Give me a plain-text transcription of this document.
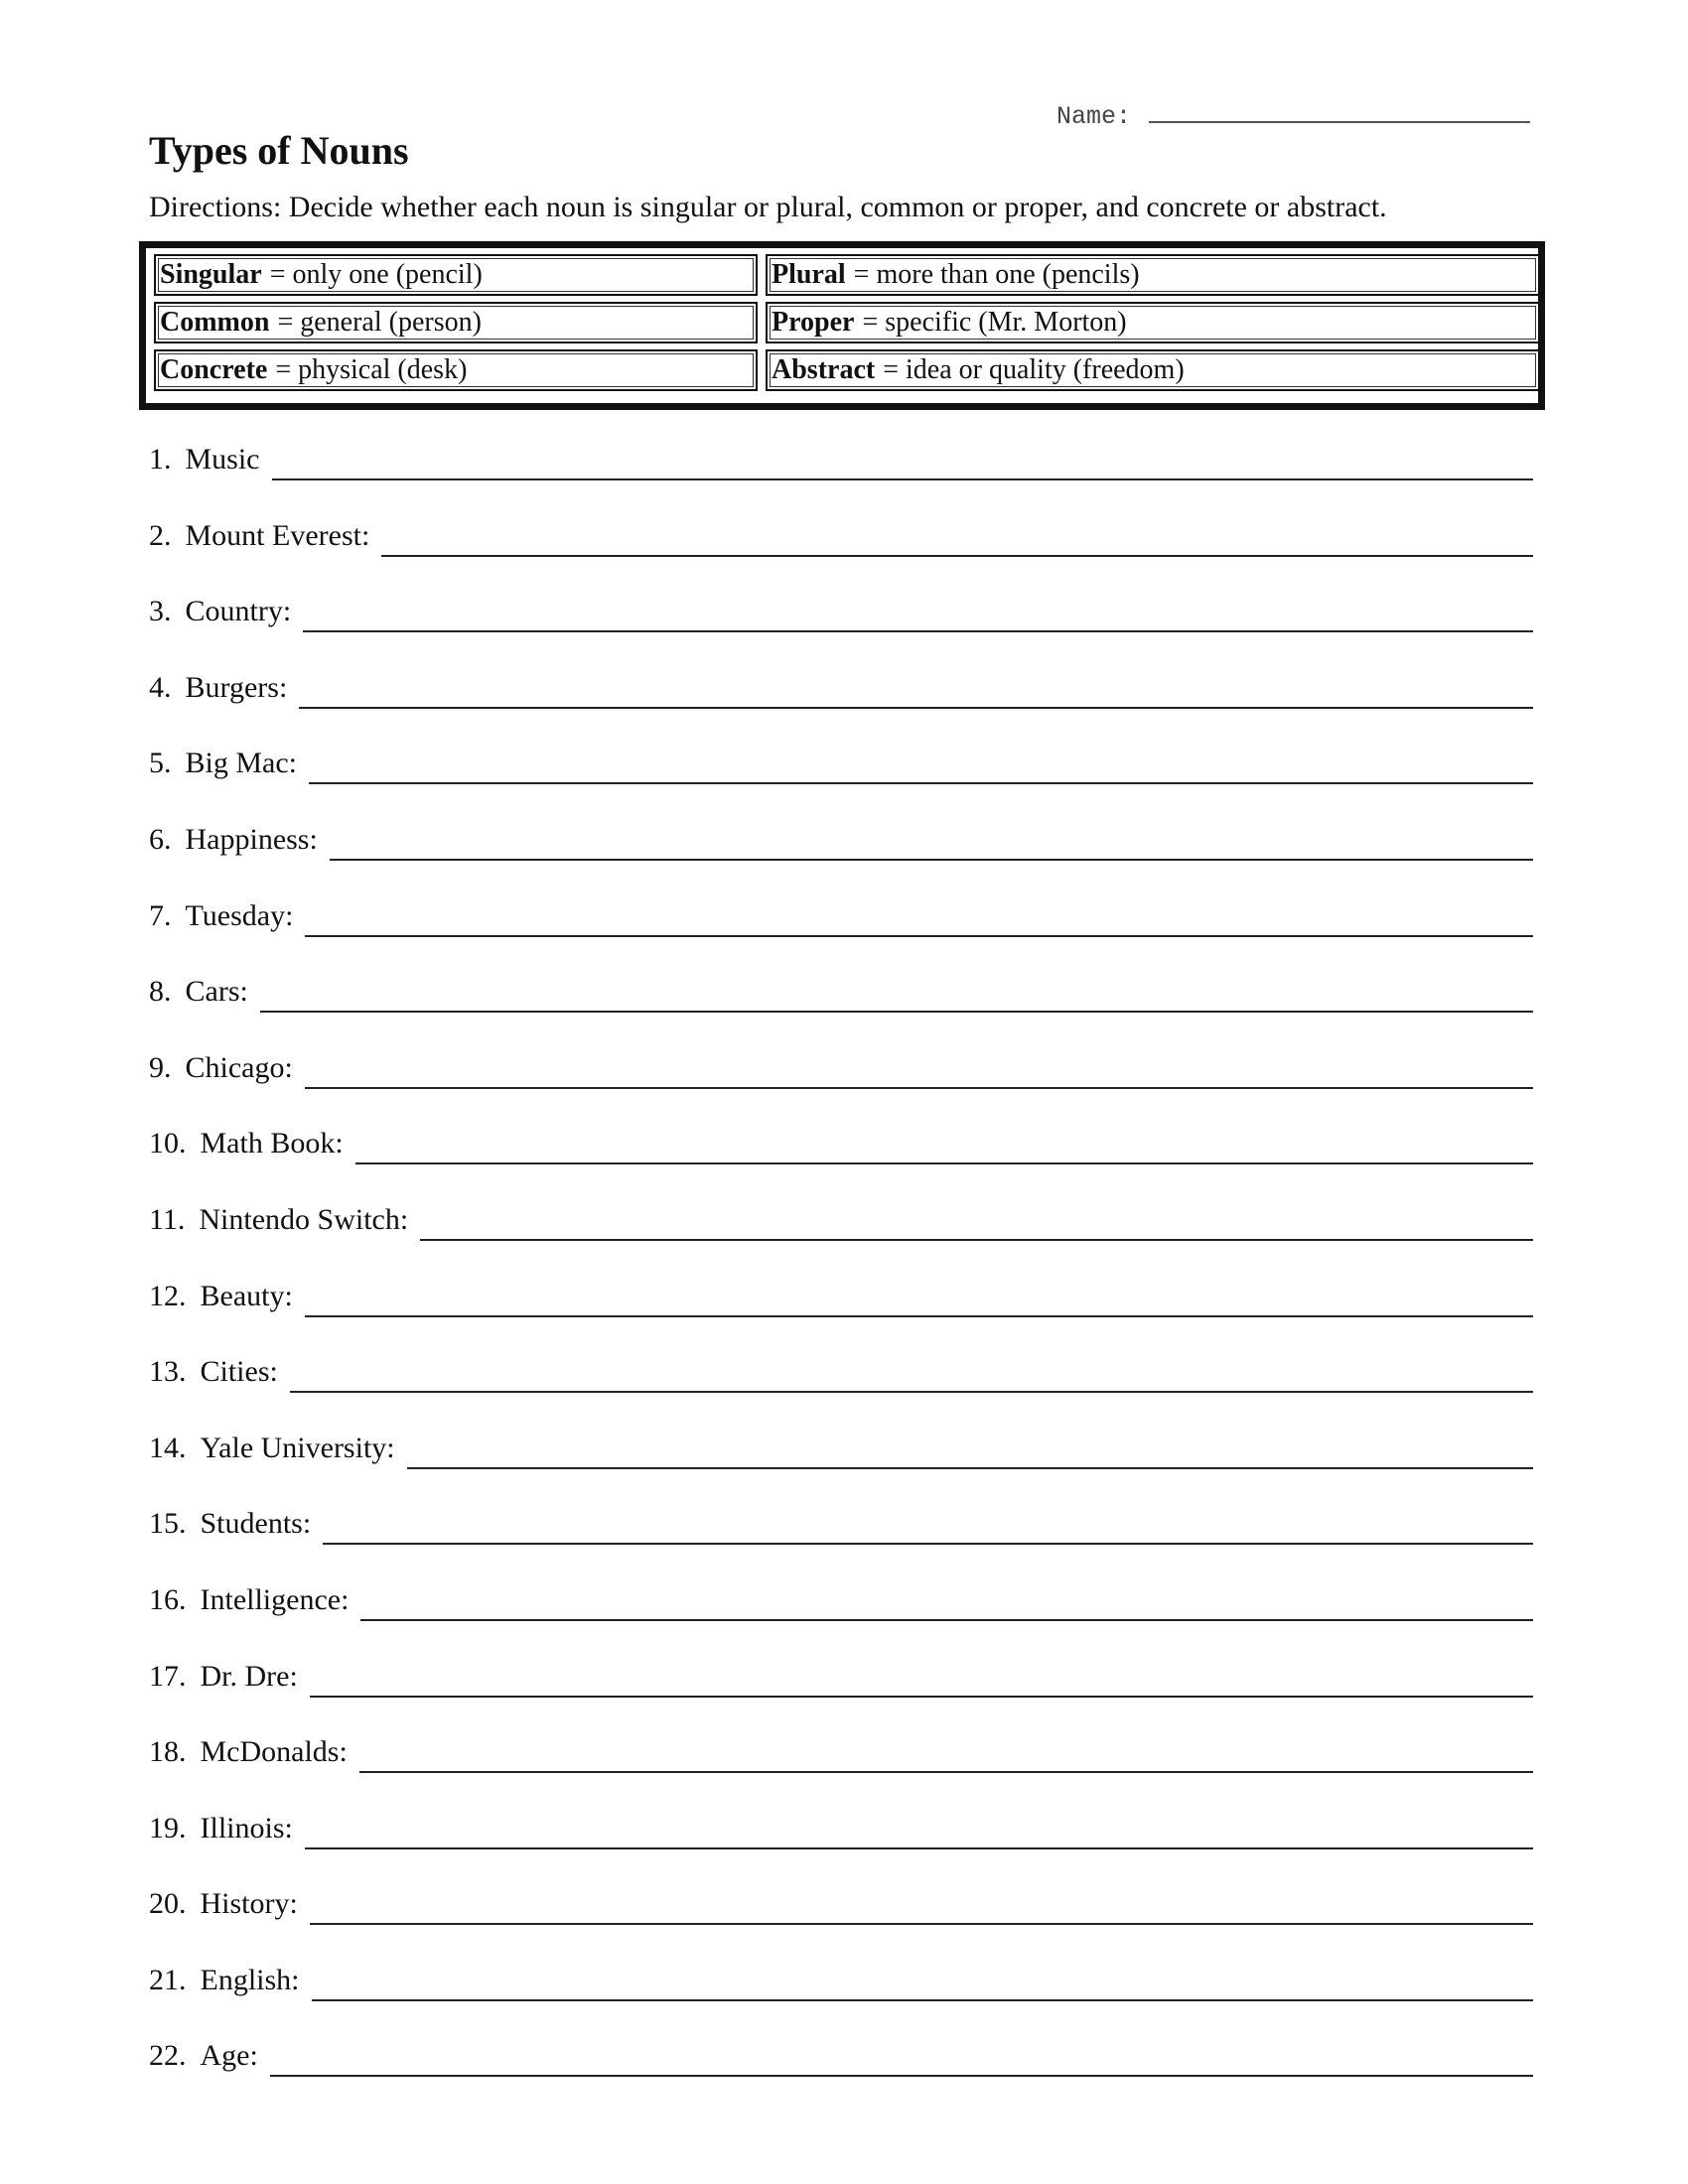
Name:
Types of Nouns

Directions: Decide whether each noun is singular or plural, common or proper, and concrete or abstract.

Singular = only one (pencil)	Plural = more than one (pencils)
Common = general (person)	Proper = specific (Mr. Morton)
Concrete = physical (desk)	Abstract = idea or quality (freedom)
1. Music
2. Mount Everest:
3. Country:
4. Burgers:
5. Big Mac:
6. Happiness:
7. Tuesday:
8. Cars:
9. Chicago:
10. Math Book:
11. Nintendo Switch:
12. Beauty:
13. Cities:
14. Yale University:
15. Students:
16. Intelligence:
17. Dr. Dre:
18. McDonalds:
19. Illinois:
20. History:
21. English:
22. Age:
